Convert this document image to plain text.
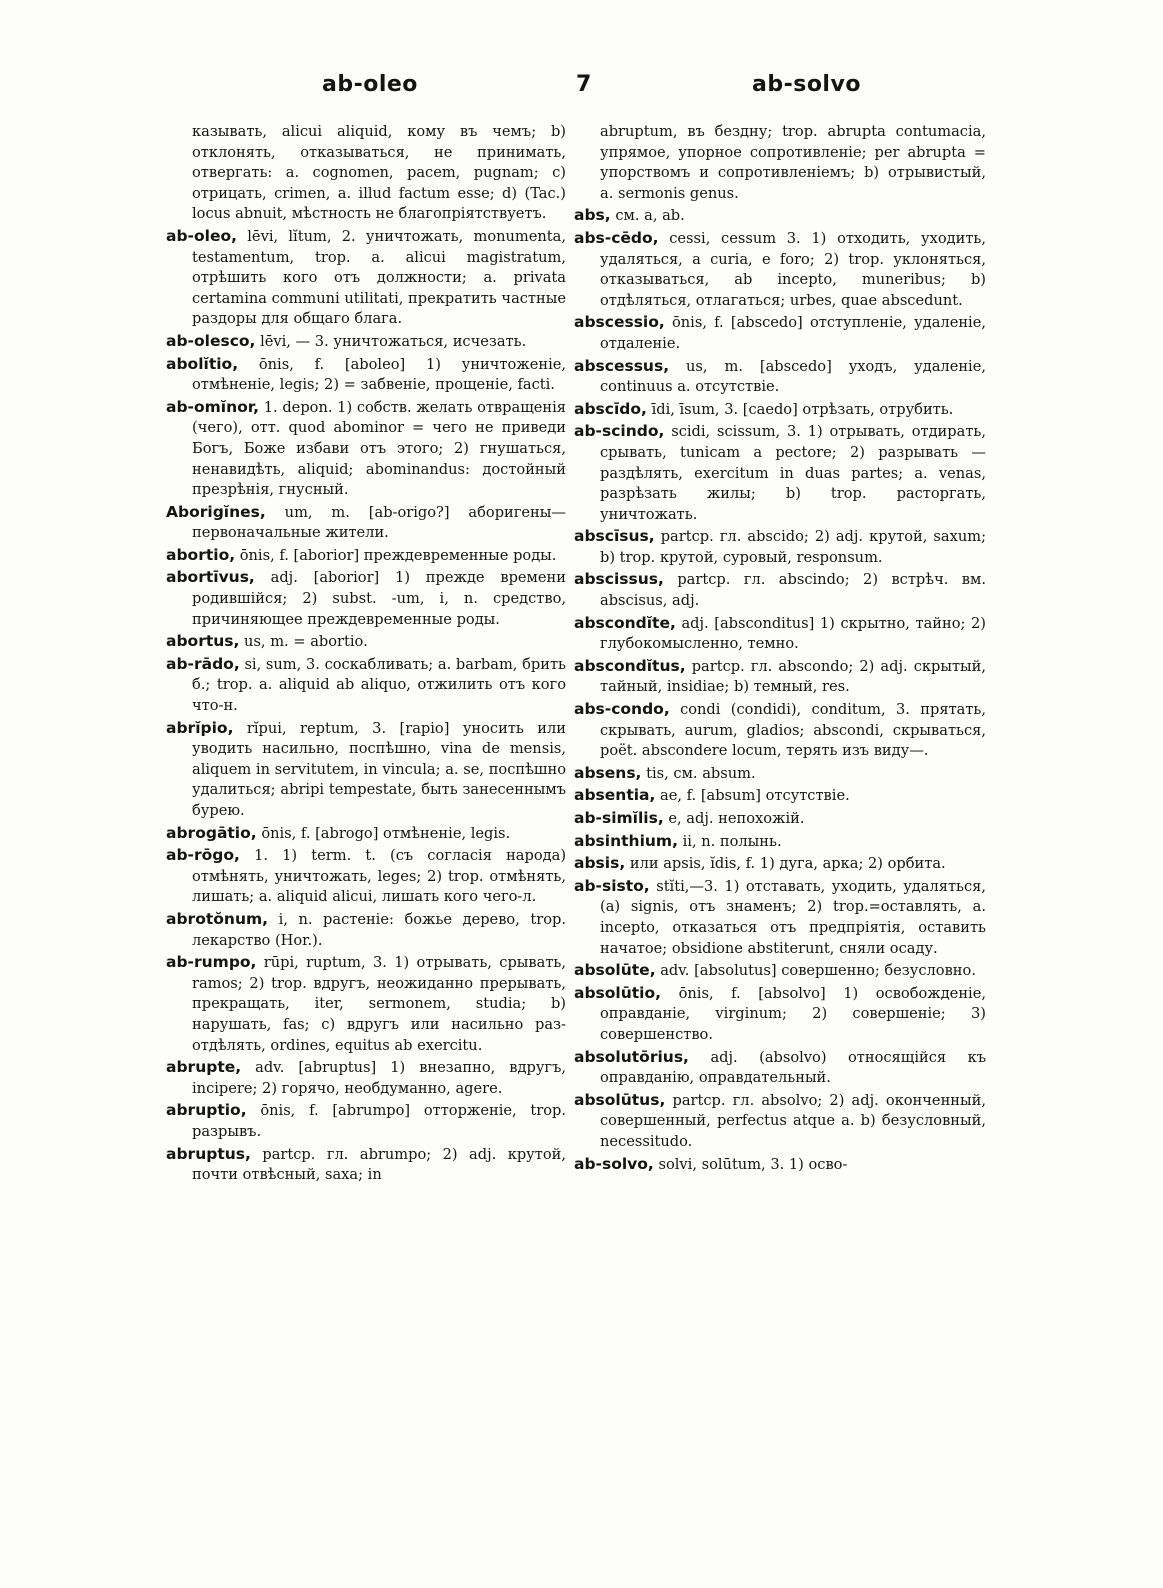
ab-oleo	7	ab-solvo

казывать, alicui aliquid, кому въ чемъ; b) отклонять, отказываться, не принимать, отвергать: a. cognomen, pacem, pugnam; c) отрицать, crimen, a. illud factum esse; d) (Tac.) locus abnuit, мѣстность не благопріятствуетъ.

ab-oleo, lēvi, lĭtum, 2. уничтожать, monumenta, testamentum, trop. a. alicui magistratum, отрѣшить кого отъ должности; a. privata certamina communi utilitati, прекратить частные раздоры для общаго блага.

ab-olesco, lēvi, — 3. уничтожаться, исчезать.

abolĭtio, ōnis, f. [aboleo] 1) уничтоженіе, отмѣненіе, legis; 2) = забвеніе, прощеніе, facti.

ab-omĭnor, 1. depon. 1) собств. желать отвращенія (чего), отт. quod abominor = чего не приведи Богъ, Боже избави отъ этого; 2) гнушаться, ненавидѣть, aliquid; abominandus: достойный презрѣнія, гнусный.

Aborigĭnes, um, m. [ab-origo?] аборигены—первоначальные жители.

abortio, ōnis, f. [aborior] преждевременные роды.

abortīvus, adj. [aborior] 1) прежде времени родившійся; 2) subst. -um, i, n. средство, причиняющее преждевременные роды.

abortus, us, m. = abortio.

ab-rādo, si, sum, 3. соскабливать; a. barbam, брить б.; trop. a. aliquid ab aliquo, отжилить отъ кого что-н.

abrĭpio, rĭpui, reptum, 3. [rapio] уносить или уводить насильно, поспѣшно, vina de mensis, aliquem in servitutem, in vincula; a. se, поспѣшно удалиться; abripi tempestate, быть занесеннымъ бурею.

abrogātio, ōnis, f. [abrogo] отмѣненіе, legis.

ab-rōgo, 1. 1) term. t. (съ согласія народа) отмѣнять, уничтожать, leges; 2) trop. отмѣнять, лишать; a. aliquid alicui, лишать кого чего-л.

abrotŏnum, i, n. растеніе: божье дерево, trop. лекарство (Hor.).

ab-rumpo, rūpi, ruptum, 3. 1) отрывать, срывать, ramos; 2) trop. вдругъ, неожиданно прерывать, прекращать, iter, sermonem, studia; b) нарушать, fas; c) вдругъ или насильно раз-отдѣлять, ordines, equitus ab exercitu.

abrupte, adv. [abruptus] 1) внезапно, вдругъ, incipere; 2) горячо, необдуманно, agere.

abruptio, ōnis, f. [abrumpo] отторженіе, trop. разрывъ.

abruptus, partcp. гл. abrumpo; 2) adj. крутой, почти отвѣсный, saxa; in

abruptum, въ бездну; trop. abrupta contumacia, упрямое, упорное сопротивленіе; per abrupta = упорствомъ и сопротивленіемъ; b) отрывистый, a. sermonis genus.

abs, см. a, ab.

abs-cēdo, cessi, cessum 3. 1) отходить, уходить, удаляться, a curia, e foro; 2) trop. уклоняться, отказываться, ab incepto, muneribus; b) отдѣляться, отлагаться; urbes, quae abscedunt.

abscessio, ōnis, f. [abscedo] отступленіе, удаленіе, отдаленіе.

abscessus, us, m. [abscedo] уходъ, удаленіе, continuus a. отсутствіе.

abscīdo, īdi, īsum, 3. [caedo] отрѣзать, отрубить.

ab-scindo, scidi, scissum, 3. 1) отрывать, отдирать, срывать, tunicam a pectore; 2) разрывать — раздѣлять, exercitum in duas partes; a. venas, разрѣзать жилы; b) trop. расторгать, уничтожать.

abscīsus, partcp. гл. abscido; 2) adj. крутой, saxum; b) trop. крутой, суровый, responsum.

abscissus, partcp. гл. abscindo; 2) встрѣч. вм. abscisus, adj.

abscondĭte, adj. [absconditus] 1) скрытно, тайно; 2) глубокомысленно, темно.

abscondĭtus, partcp. гл. abscondo; 2) adj. скрытый, тайный, insidiae; b) темный, res.

abs-condo, condi (condidi), conditum, 3. прятать, скрывать, aurum, gladios; abscondi, скрываться, poët. abscondere locum, терять изъ виду—.

absens, tis, см. absum.

absentia, ae, f. [absum] отсутствіе.

ab-simĭlis, e, adj. непохожій.

absinthium, ii, n. полынь.

absis, или apsis, ĭdis, f. 1) дуга, арка; 2) орбита.

ab-sisto, stĭti,—3. 1) отставать, уходить, удаляться, (a) signis, отъ знаменъ; 2) trop.=оставлять, a. incepto, отказаться отъ предпріятія, оставить начатое; obsidione abstiterunt, сняли осаду.

absolūte, adv. [absolutus] совершенно; безусловно.

absolūtio, ōnis, f. [absolvo] 1) освобожденіе, оправданіе, virginum; 2) совершеніе; 3) совершенство.

absolutōrius, adj. (absolvo) относящійся къ оправданію, оправдательный.

absolūtus, partcp. гл. absolvo; 2) adj. оконченный, совершенный, perfectus atque a. b) безусловный, necessitudo.

ab-solvo, solvi, solūtum, 3. 1) осво-
